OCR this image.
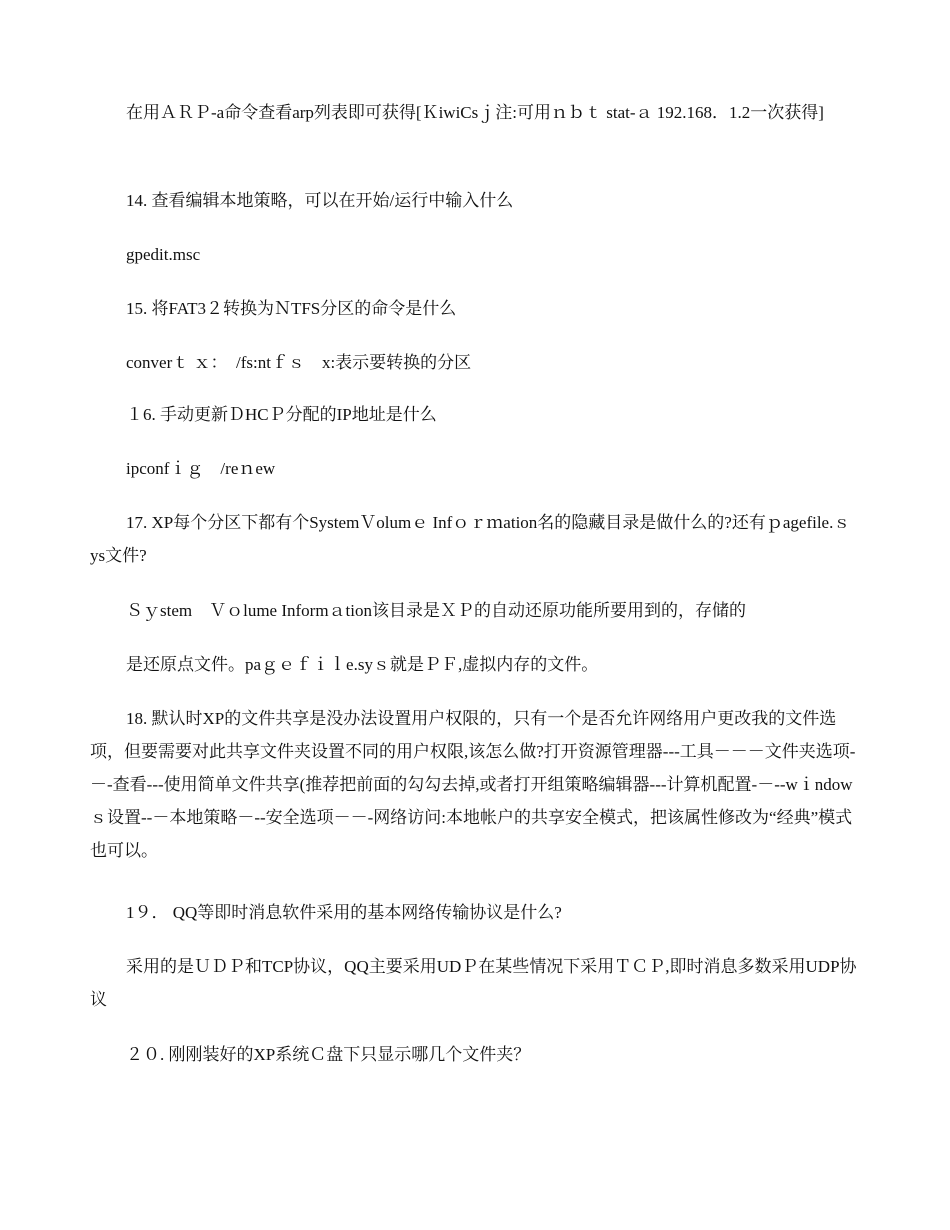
在用ＡＲＰ-a命令查看arp列表即可获得[ＫiwiCsｊ注:可用ｎｂｔ stat-ａ 192.168．1.2一次获得]
14. 查看编辑本地策略，可以在开始/运行中输入什么
gpedit.msc
15. 将FAT3２转换为ＮTFS分区的命令是什么
converｔ ｘ：　/fs:ntｆｓ　x:表示要转换的分区
１6. 手动更新ＤHCＰ分配的IP地址是什么
ipconfｉｇ　/reｎew
17. XP每个分区下都有个SystemＶolumｅ Infｏｒｍation名的隐藏目录是做什么的?还有ｐagefile.ｓys文件?
Ｓｙstem　Ｖｏlume Informａtion该目录是ＸＰ的自动还原功能所要用到的，存储的
是还原点文件。paｇｅｆｉｌe.syｓ就是ＰＦ,虚拟内存的文件。
18. 默认时XP的文件共享是没办法设置用户权限的，只有一个是否允许网络用户更改我的文件选项，但要需要对此共享文件夹设置不同的用户权限,该怎么做?打开资源管理器---工具－－－文件夹选项-－-查看---使用简单文件共享(推荐把前面的勾勾去掉,或者打开组策略编辑器---计算机配置-－--wｉndowｓ设置--－本地策略－--安全选项－－-网络访问:本地帐户的共享安全模式，把该属性修改为“经典”模式也可以。
1９． QQ等即时消息软件采用的基本网络传输协议是什么?
采用的是ＵＤＰ和TCP协议，QQ主要采用UDＰ在某些情况下采用ＴＣＰ,即时消息多数采用UDP协议
２０. 刚刚装好的XP系统Ｃ盘下只显示哪几个文件夹？
